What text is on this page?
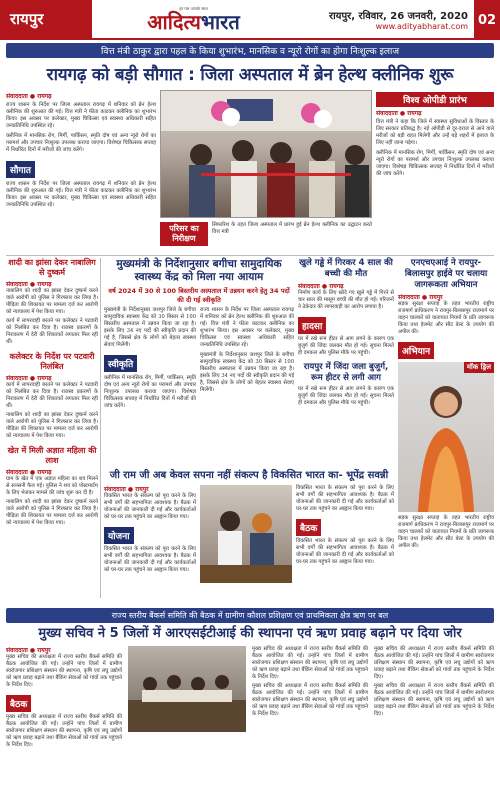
रायपुर
हर पल आपके साथ
आदित्यभारत	रायपुर, रविवार, 26 जनवरी, 2020
www.adityabharat.com 02
वित्त मंत्री ठाकुर द्वारा पहल के किया शुभारंभ, मानसिक व न्यूरो रोगों का होगा निःशुल्क इलाज
रायगढ़ को बड़ी सौगात : जिला अस्पताल में ब्रेन हेल्थ क्लीनिक शुरू
संवाददाता ● रायगढ़

राज्य शासन के निर्देश पर जिला अस्पताल रायगढ़ में शनिवार को ब्रेन हेल्थ क्लीनिक की शुरुआत की गई। वित्त मंत्री ने फीता काटकर क्लीनिक का शुभारंभ किया। इस अवसर पर कलेक्टर, मुख्य चिकित्सा एवं स्वास्थ्य अधिकारी सहित जनप्रतिनिधि उपस्थित रहे।

क्लीनिक में मानसिक रोग, मिर्गी, पार्किंसन, स्मृति दोष एवं अन्य न्यूरो रोगों का परामर्श और उपचार निःशुल्क उपलब्ध कराया जाएगा। विशेषज्ञ चिकित्सक सप्ताह में निर्धारित दिनों में मरीजों की जांच करेंगे।

सौगात

राज्य शासन के निर्देश पर जिला अस्पताल रायगढ़ में शनिवार को ब्रेन हेल्थ क्लीनिक की शुरुआत की गई। वित्त मंत्री ने फीता काटकर क्लीनिक का शुभारंभ किया। इस अवसर पर कलेक्टर, मुख्य चिकित्सा एवं स्वास्थ्य अधिकारी सहित जनप्रतिनिधि उपस्थित रहे।

परिसर का निरीक्षण

सिफारिश के तहत जिला अस्पताल में प्रारंभ हुई ब्रेन हेल्थ क्लीनिक का उद्घाटन करते वित्त मंत्री

विश्व ओपीडी प्रारंभ
संवाददाता ● रायगढ़

वित्त मंत्री ने कहा कि जिले में स्वास्थ्य सुविधाओं के विस्तार के लिए सरकार प्रतिबद्ध है। नई ओपीडी से दूर-दराज से आने वाले मरीजों को बड़ी राहत मिलेगी और उन्हें बड़े शहरों में इलाज के लिए नहीं जाना पड़ेगा।

क्लीनिक में मानसिक रोग, मिर्गी, पार्किंसन, स्मृति दोष एवं अन्य न्यूरो रोगों का परामर्श और उपचार निःशुल्क उपलब्ध कराया जाएगा। विशेषज्ञ चिकित्सक सप्ताह में निर्धारित दिनों में मरीजों की जांच करेंगे।

शादी का झांसा देकर नाबालिग से दुष्कर्म
संवाददाता ● रायगढ़

नाबालिग को शादी का झांसा देकर दुष्कर्म करने वाले आरोपी को पुलिस ने गिरफ्तार कर लिया है। पीड़िता की शिकायत पर मामला दर्ज कर आरोपी को न्यायालय में पेश किया गया।

कार्य में लापरवाही बरतने पर कलेक्टर ने पटवारी को निलंबित कर दिया है। राजस्व प्रकरणों के निराकरण में देरी की शिकायतें लगातार मिल रही थीं।

कलेक्टर के निर्देश पर पटवारी निलंबित
संवाददाता ● रायगढ़

कार्य में लापरवाही बरतने पर कलेक्टर ने पटवारी को निलंबित कर दिया है। राजस्व प्रकरणों के निराकरण में देरी की शिकायतें लगातार मिल रही थीं।

नाबालिग को शादी का झांसा देकर दुष्कर्म करने वाले आरोपी को पुलिस ने गिरफ्तार कर लिया है। पीड़िता की शिकायत पर मामला दर्ज कर आरोपी को न्यायालय में पेश किया गया।

खेत में मिली अज्ञात महिला की लाश
संवाददाता ● रायगढ़

ग्राम के खेत में एक अज्ञात महिला का शव मिलने से सनसनी फैल गई। पुलिस ने शव को पोस्टमार्टम के लिए भेजकर मामले की जांच शुरू कर दी है।

नाबालिग को शादी का झांसा देकर दुष्कर्म करने वाले आरोपी को पुलिस ने गिरफ्तार कर लिया है। पीड़िता की शिकायत पर मामला दर्ज कर आरोपी को न्यायालय में पेश किया गया।

मुख्यमंत्री के निर्देशानुसार बगीचा सामुदायिक स्वास्थ्य केंद्र को मिला नया आयाम
वर्ष 2024 में 30 से 100 बिस्तरीय अस्पताल में उन्नयन करने हेतु 34 पदों की दी गई स्वीकृति

मुख्यमंत्री के निर्देशानुसार जशपुर जिले के बगीचा सामुदायिक स्वास्थ्य केंद्र को 30 बिस्तर से 100 बिस्तरीय अस्पताल में उन्नयन किया जा रहा है। इसके लिए 34 नए पदों की स्वीकृति प्रदान की गई है, जिससे क्षेत्र के लोगों को बेहतर स्वास्थ्य सेवाएं मिलेंगी।

स्वीकृति

क्लीनिक में मानसिक रोग, मिर्गी, पार्किंसन, स्मृति दोष एवं अन्य न्यूरो रोगों का परामर्श और उपचार निःशुल्क उपलब्ध कराया जाएगा। विशेषज्ञ चिकित्सक सप्ताह में निर्धारित दिनों में मरीजों की जांच करेंगे।

राज्य शासन के निर्देश पर जिला अस्पताल रायगढ़ में शनिवार को ब्रेन हेल्थ क्लीनिक की शुरुआत की गई। वित्त मंत्री ने फीता काटकर क्लीनिक का शुभारंभ किया। इस अवसर पर कलेक्टर, मुख्य चिकित्सा एवं स्वास्थ्य अधिकारी सहित जनप्रतिनिधि उपस्थित रहे।

मुख्यमंत्री के निर्देशानुसार जशपुर जिले के बगीचा सामुदायिक स्वास्थ्य केंद्र को 30 बिस्तर से 100 बिस्तरीय अस्पताल में उन्नयन किया जा रहा है। इसके लिए 34 नए पदों की स्वीकृति प्रदान की गई है, जिससे क्षेत्र के लोगों को बेहतर स्वास्थ्य सेवाएं मिलेंगी।

खुले गड्ढे में गिरकर 4 साल की बच्ची की मौत
संवाददाता ● रायगढ़

निर्माण कार्य के लिए खोदे गए खुले गड्ढे में गिरने से चार साल की मासूम बच्ची की मौत हो गई। परिजनों ने ठेकेदार की लापरवाही का आरोप लगाया है।

हादसा

घर में रखे रूम हीटर से आग लगने के कारण एक बुजुर्ग की जिंदा जलकर मौत हो गई। सूचना मिलते ही दमकल और पुलिस मौके पर पहुंची।

रायपुर में जिंदा जला बुजुर्ग, रूम हीटर से लगी आग

घर में रखे रूम हीटर से आग लगने के कारण एक बुजुर्ग की जिंदा जलकर मौत हो गई। सूचना मिलते ही दमकल और पुलिस मौके पर पहुंची।

एनएचएआई ने रायपुर-बिलासपुर हाईवे पर चलाया जागरूकता अभियान
संवाददाता ● रायपुर

सड़क सुरक्षा सप्ताह के तहत भारतीय राष्ट्रीय राजमार्ग प्राधिकरण ने रायपुर-बिलासपुर राजमार्ग पर वाहन चालकों को यातायात नियमों के प्रति जागरूक किया तथा हेलमेट और सीट बेल्ट के उपयोग की अपील की।

अभियान
मॉक ड्रिल

सड़क सुरक्षा सप्ताह के तहत भारतीय राष्ट्रीय राजमार्ग प्राधिकरण ने रायपुर-बिलासपुर राजमार्ग पर वाहन चालकों को यातायात नियमों के प्रति जागरूक किया तथा हेलमेट और सीट बेल्ट के उपयोग की अपील की।

जी राम जी अब केवल सपना नहीं संकल्प है विकसित भारत का- भूपेंद्र सवन्नी
संवाददाता ● रायपुर

विकसित भारत के संकल्प को पूरा करने के लिए सभी वर्गों की सहभागिता आवश्यक है। बैठक में योजनाओं की जानकारी दी गई और कार्यकर्ताओं को घर-घर तक पहुंचने का आह्वान किया गया।

योजना

विकसित भारत के संकल्प को पूरा करने के लिए सभी वर्गों की सहभागिता आवश्यक है। बैठक में योजनाओं की जानकारी दी गई और कार्यकर्ताओं को घर-घर तक पहुंचने का आह्वान किया गया।

विकसित भारत के संकल्प को पूरा करने के लिए सभी वर्गों की सहभागिता आवश्यक है। बैठक में योजनाओं की जानकारी दी गई और कार्यकर्ताओं को घर-घर तक पहुंचने का आह्वान किया गया।

बैठक

विकसित भारत के संकल्प को पूरा करने के लिए सभी वर्गों की सहभागिता आवश्यक है। बैठक में योजनाओं की जानकारी दी गई और कार्यकर्ताओं को घर-घर तक पहुंचने का आह्वान किया गया।

राज्य स्तरीय बैंकर्स समिति की बैठक में ग्रामीण कौशल प्रशिक्षण एवं प्राथमिकता क्षेत्र ऋण पर बल
मुख्य सचिव ने 5 जिलों में आरएसईटीआई की स्थापना एवं ऋण प्रवाह बढ़ाने पर दिया जोर
संवाददाता ● रायपुर

मुख्य सचिव की अध्यक्षता में राज्य स्तरीय बैंकर्स समिति की बैठक आयोजित की गई। उन्होंने पांच जिलों में ग्रामीण स्वरोजगार प्रशिक्षण संस्थान की स्थापना, कृषि एवं लघु उद्योगों को ऋण प्रवाह बढ़ाने तथा बैंकिंग सेवाओं को गांवों तक पहुंचाने के निर्देश दिए।

बैठक

मुख्य सचिव की अध्यक्षता में राज्य स्तरीय बैंकर्स समिति की बैठक आयोजित की गई। उन्होंने पांच जिलों में ग्रामीण स्वरोजगार प्रशिक्षण संस्थान की स्थापना, कृषि एवं लघु उद्योगों को ऋण प्रवाह बढ़ाने तथा बैंकिंग सेवाओं को गांवों तक पहुंचाने के निर्देश दिए।

मुख्य सचिव की अध्यक्षता में राज्य स्तरीय बैंकर्स समिति की बैठक आयोजित की गई। उन्होंने पांच जिलों में ग्रामीण स्वरोजगार प्रशिक्षण संस्थान की स्थापना, कृषि एवं लघु उद्योगों को ऋण प्रवाह बढ़ाने तथा बैंकिंग सेवाओं को गांवों तक पहुंचाने के निर्देश दिए।

मुख्य सचिव की अध्यक्षता में राज्य स्तरीय बैंकर्स समिति की बैठक आयोजित की गई। उन्होंने पांच जिलों में ग्रामीण स्वरोजगार प्रशिक्षण संस्थान की स्थापना, कृषि एवं लघु उद्योगों को ऋण प्रवाह बढ़ाने तथा बैंकिंग सेवाओं को गांवों तक पहुंचाने के निर्देश दिए।

मुख्य सचिव की अध्यक्षता में राज्य स्तरीय बैंकर्स समिति की बैठक आयोजित की गई। उन्होंने पांच जिलों में ग्रामीण स्वरोजगार प्रशिक्षण संस्थान की स्थापना, कृषि एवं लघु उद्योगों को ऋण प्रवाह बढ़ाने तथा बैंकिंग सेवाओं को गांवों तक पहुंचाने के निर्देश दिए।

मुख्य सचिव की अध्यक्षता में राज्य स्तरीय बैंकर्स समिति की बैठक आयोजित की गई। उन्होंने पांच जिलों में ग्रामीण स्वरोजगार प्रशिक्षण संस्थान की स्थापना, कृषि एवं लघु उद्योगों को ऋण प्रवाह बढ़ाने तथा बैंकिंग सेवाओं को गांवों तक पहुंचाने के निर्देश दिए।
